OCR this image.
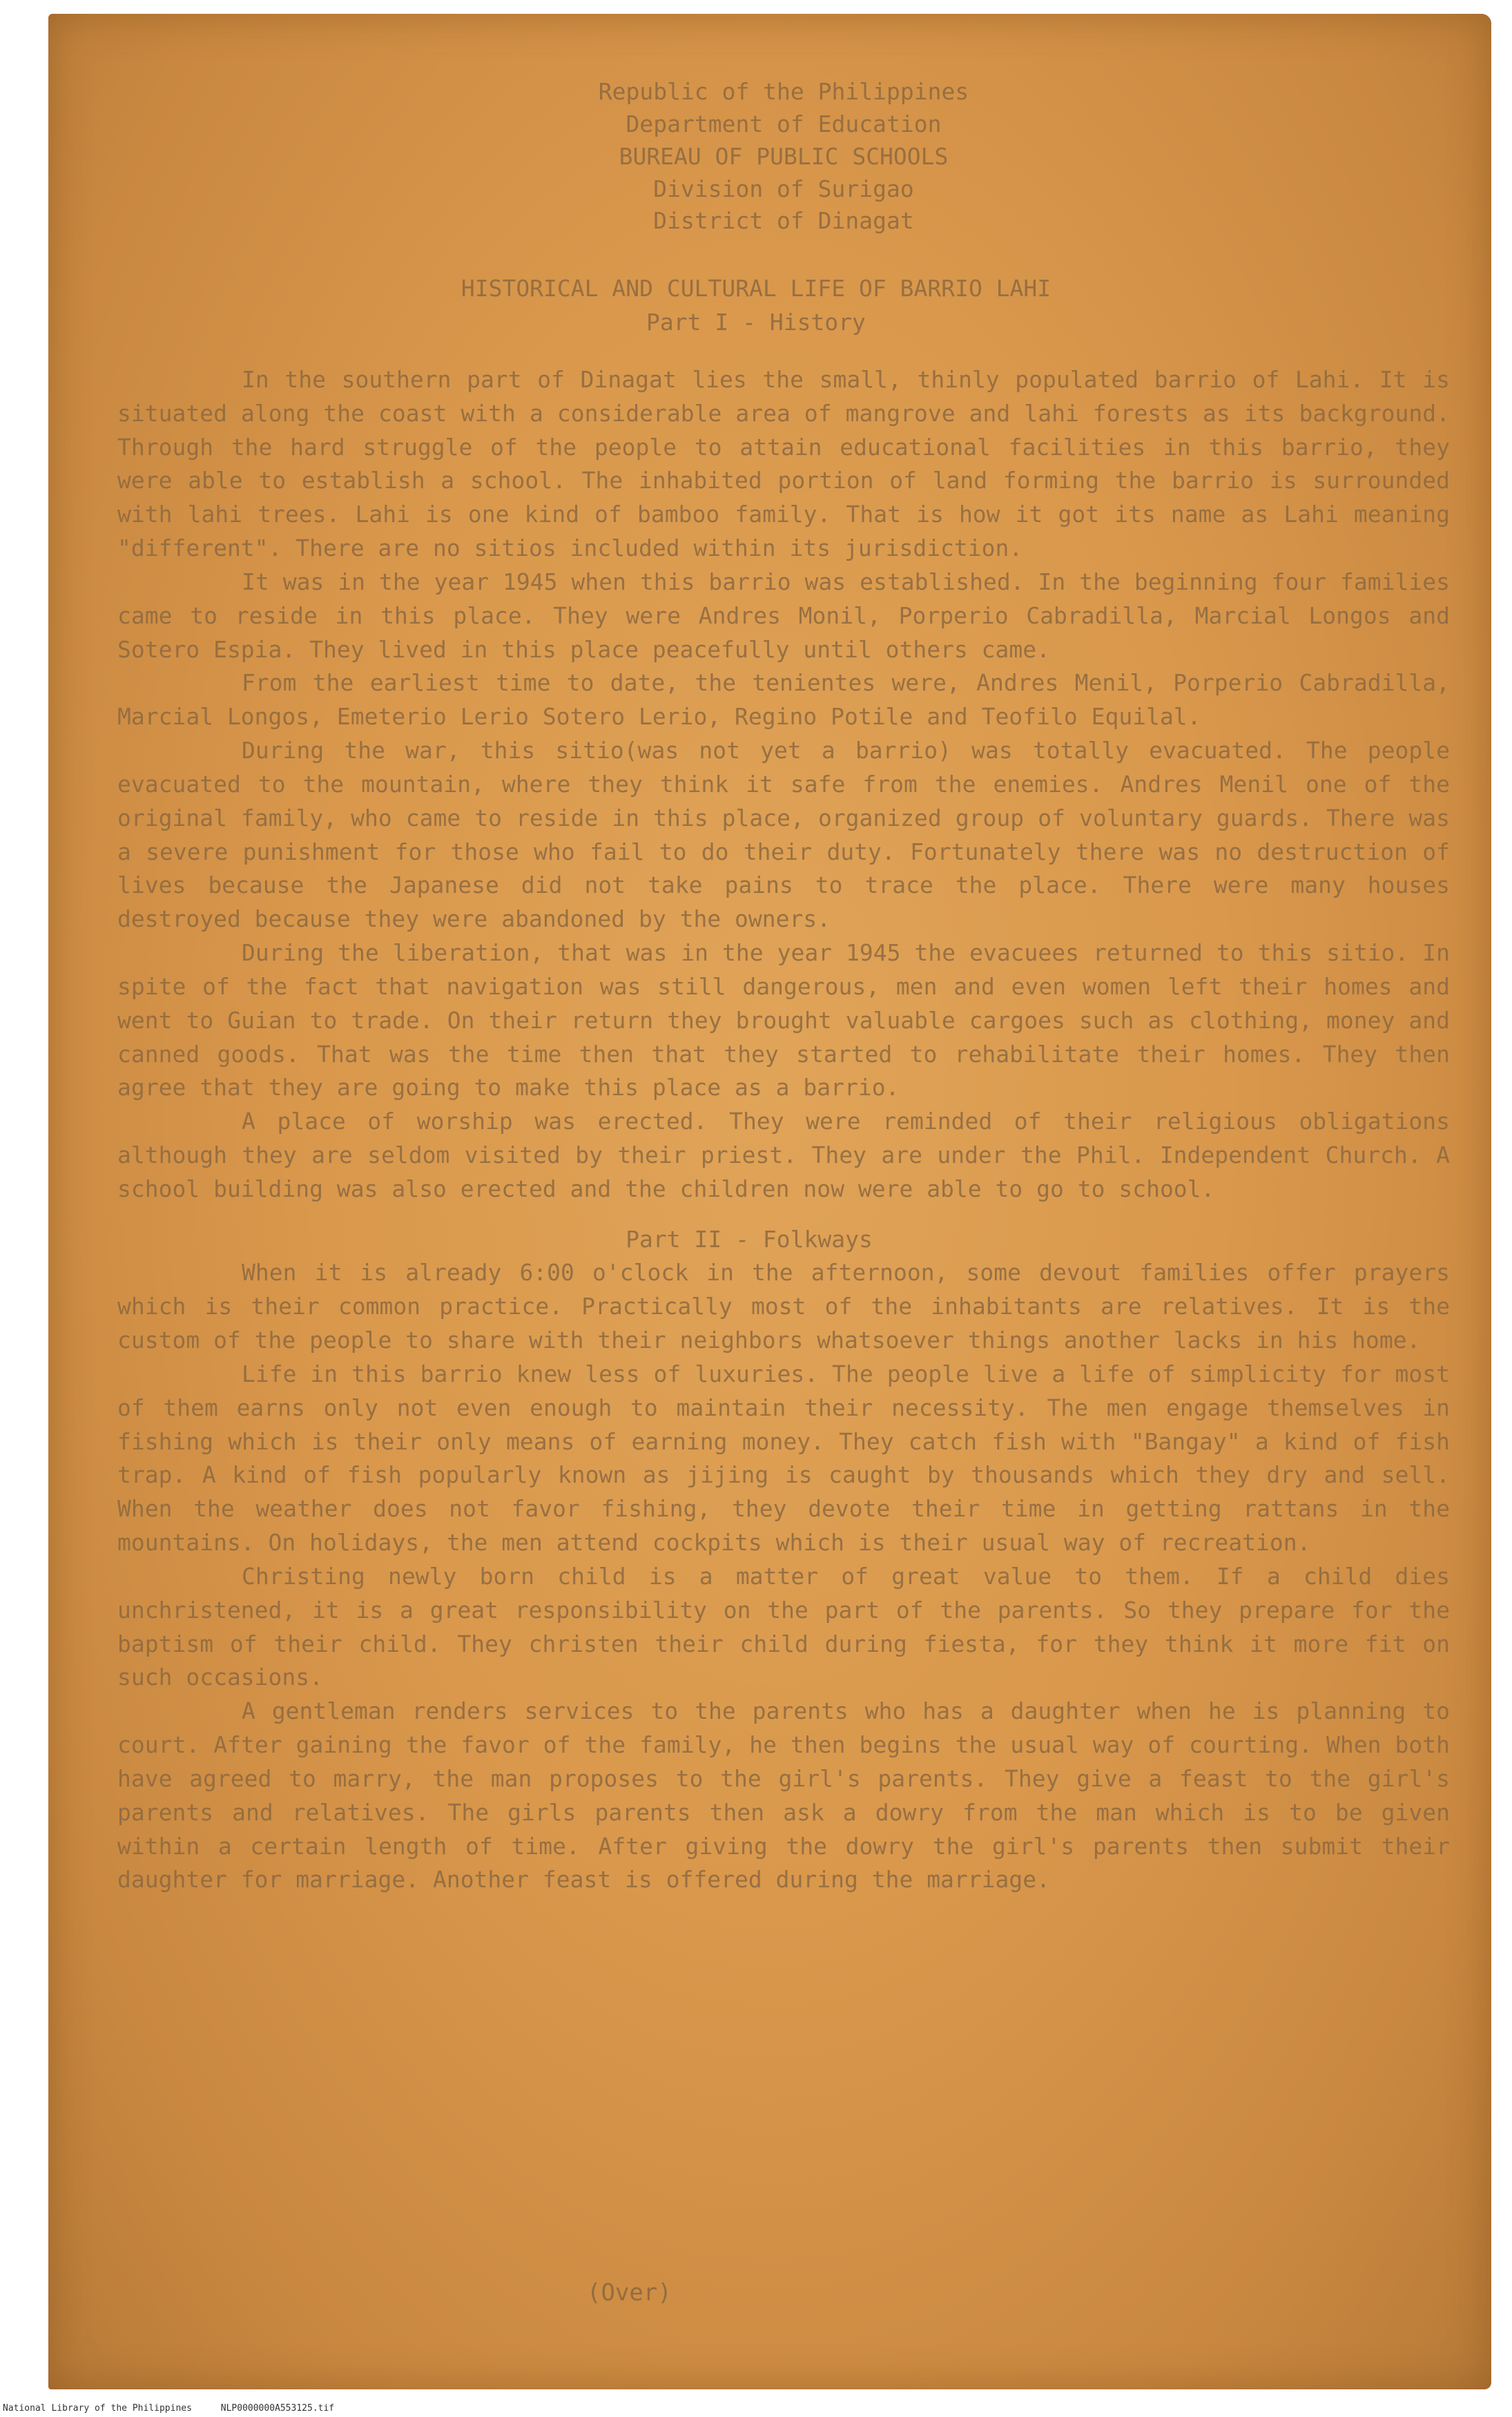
Republic of the Philippines
Department of Education
BUREAU OF PUBLIC SCHOOLS
Division of Surigao
District of Dinagat
HISTORICAL AND CULTURAL LIFE OF BARRIO LAHI
Part I - History

In the southern part of Dinagat lies the small, thinly populated barrio of Lahi. It is situated along the coast with a considerable area of mangrove and lahi forests as its background. Through the hard struggle of the people to attain educational facilities in this barrio, they were able to establish a school. The inhabited portion of land forming the barrio is surrounded with lahi trees. Lahi is one kind of bamboo family. That is how it got its name as Lahi meaning "different". There are no sitios included within its jurisdiction.

It was in the year 1945 when this barrio was established. In the beginning four families came to reside in this place. They were Andres Monil, Porperio Cabradilla, Marcial Longos and Sotero Espia. They lived in this place peacefully until others came.

From the earliest time to date, the tenientes were, Andres Menil, Porperio Cabradilla, Marcial Longos, Emeterio Lerio Sotero Lerio, Regino Potile and Teofilo Equilal.

During the war, this sitio(was not yet a barrio) was totally evacuated. The people evacuated to the mountain, where they think it safe from the enemies. Andres Menil one of the original family, who came to reside in this place, organized group of voluntary guards. There was a severe punishment for those who fail to do their duty. Fortunately there was no destruction of lives because the Japanese did not take pains to trace the place. There were many houses destroyed because they were abandoned by the owners.

During the liberation, that was in the year 1945 the evacuees returned to this sitio. In spite of the fact that navigation was still dangerous, men and even women left their homes and went to Guian to trade. On their return they brought valuable cargoes such as clothing, money and canned goods. That was the time then that they started to rehabilitate their homes. They then agree that they are going to make this place as a barrio.

A place of worship was erected. They were reminded of their religious obligations although they are seldom visited by their priest. They are under the Phil. Independent Church. A school building was also erected and the children now were able to go to school.

Part II - Folkways

When it is already 6:00 o'clock in the afternoon, some devout families offer prayers which is their common practice. Practically most of the inhabitants are relatives. It is the custom of the people to share with their neighbors whatsoever things another lacks in his home.

Life in this barrio knew less of luxuries. The people live a life of simplicity for most of them earns only not even enough to maintain their necessity. The men engage themselves in fishing which is their only means of earning money. They catch fish with "Bangay" a kind of fish trap. A kind of fish popularly known as jijing is caught by thousands which they dry and sell. When the weather does not favor fishing, they devote their time in getting rattans in the mountains. On holidays, the men attend cockpits which is their usual way of recreation.

Christing newly born child is a matter of great value to them. If a child dies unchristened, it is a great responsibility on the part of the parents. So they prepare for the baptism of their child. They christen their child during fiesta, for they think it more fit on such occasions.

A gentleman renders services to the parents who has a daughter when he is planning to court. After gaining the favor of the family, he then begins the usual way of courting. When both have agreed to marry, the man proposes to the girl's parents. They give a feast to the girl's parents and relatives. The girls parents then ask a dowry from the man which is to be given within a certain length of time. After giving the dowry the girl's parents then submit their daughter for marriage. Another feast is offered during the marriage.

(Over)
National Library of the Philippines	NLP0000000A553125.tif
